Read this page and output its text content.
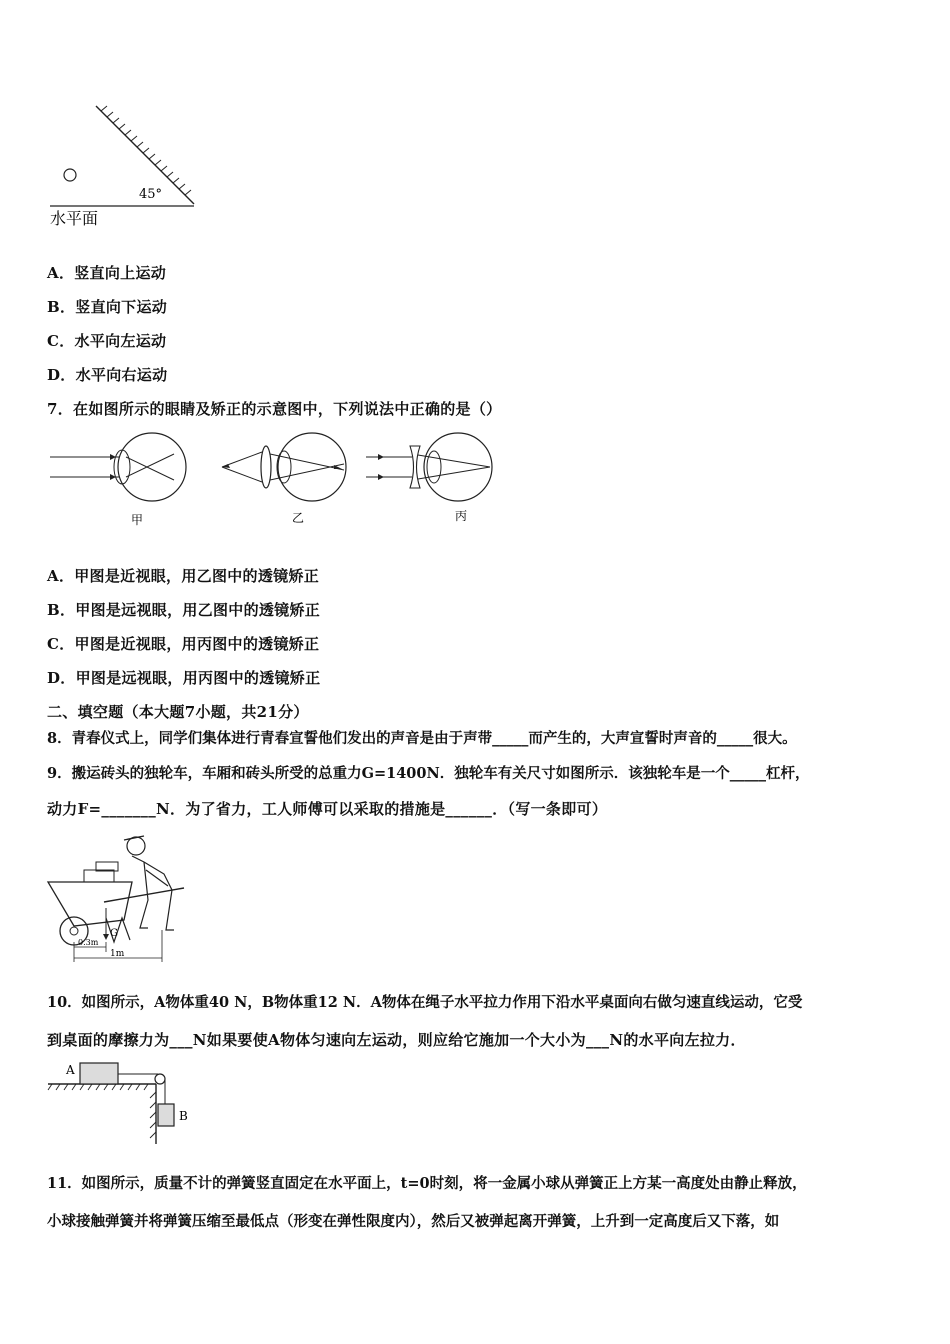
45°
水平面
A．竖直向上运动
B．竖直向下运动
C．水平向左运动
D．水平向右运动
7．在如图所示的眼睛及矫正的示意图中，下列说法中正确的是（）
甲	乙	丙
A．甲图是近视眼，用乙图中的透镜矫正
B．甲图是远视眼，用乙图中的透镜矫正
C．甲图是近视眼，用丙图中的透镜矫正
D．甲图是远视眼，用丙图中的透镜矫正
二、填空题（本大题7小题，共21分）
8．青春仪式上，同学们集体进行青春宣誓他们发出的声音是由于声带_____而产生的，大声宣誓时声音的_____很大。
9．搬运砖头的独轮车，车厢和砖头所受的总重力G=1400N．独轮车有关尺寸如图所示．该独轮车是一个_____杠杆，
动力F=_______N．为了省力，工人师傅可以采取的措施是______．（写一条即可）
G
0.3m
1m
10．如图所示，A物体重40 N，B物体重12 N．A物体在绳子水平拉力作用下沿水平桌面向右做匀速直线运动，它受
到桌面的摩擦力为___N如果要使A物体匀速向左运动，则应给它施加一个大小为___N的水平向左拉力．
A
B
11．如图所示，质量不计的弹簧竖直固定在水平面上，t=0时刻，将一金属小球从弹簧正上方某一高度处由静止释放，
小球接触弹簧并将弹簧压缩至最低点（形变在弹性限度内），然后又被弹起离开弹簧，上升到一定高度后又下落，如
